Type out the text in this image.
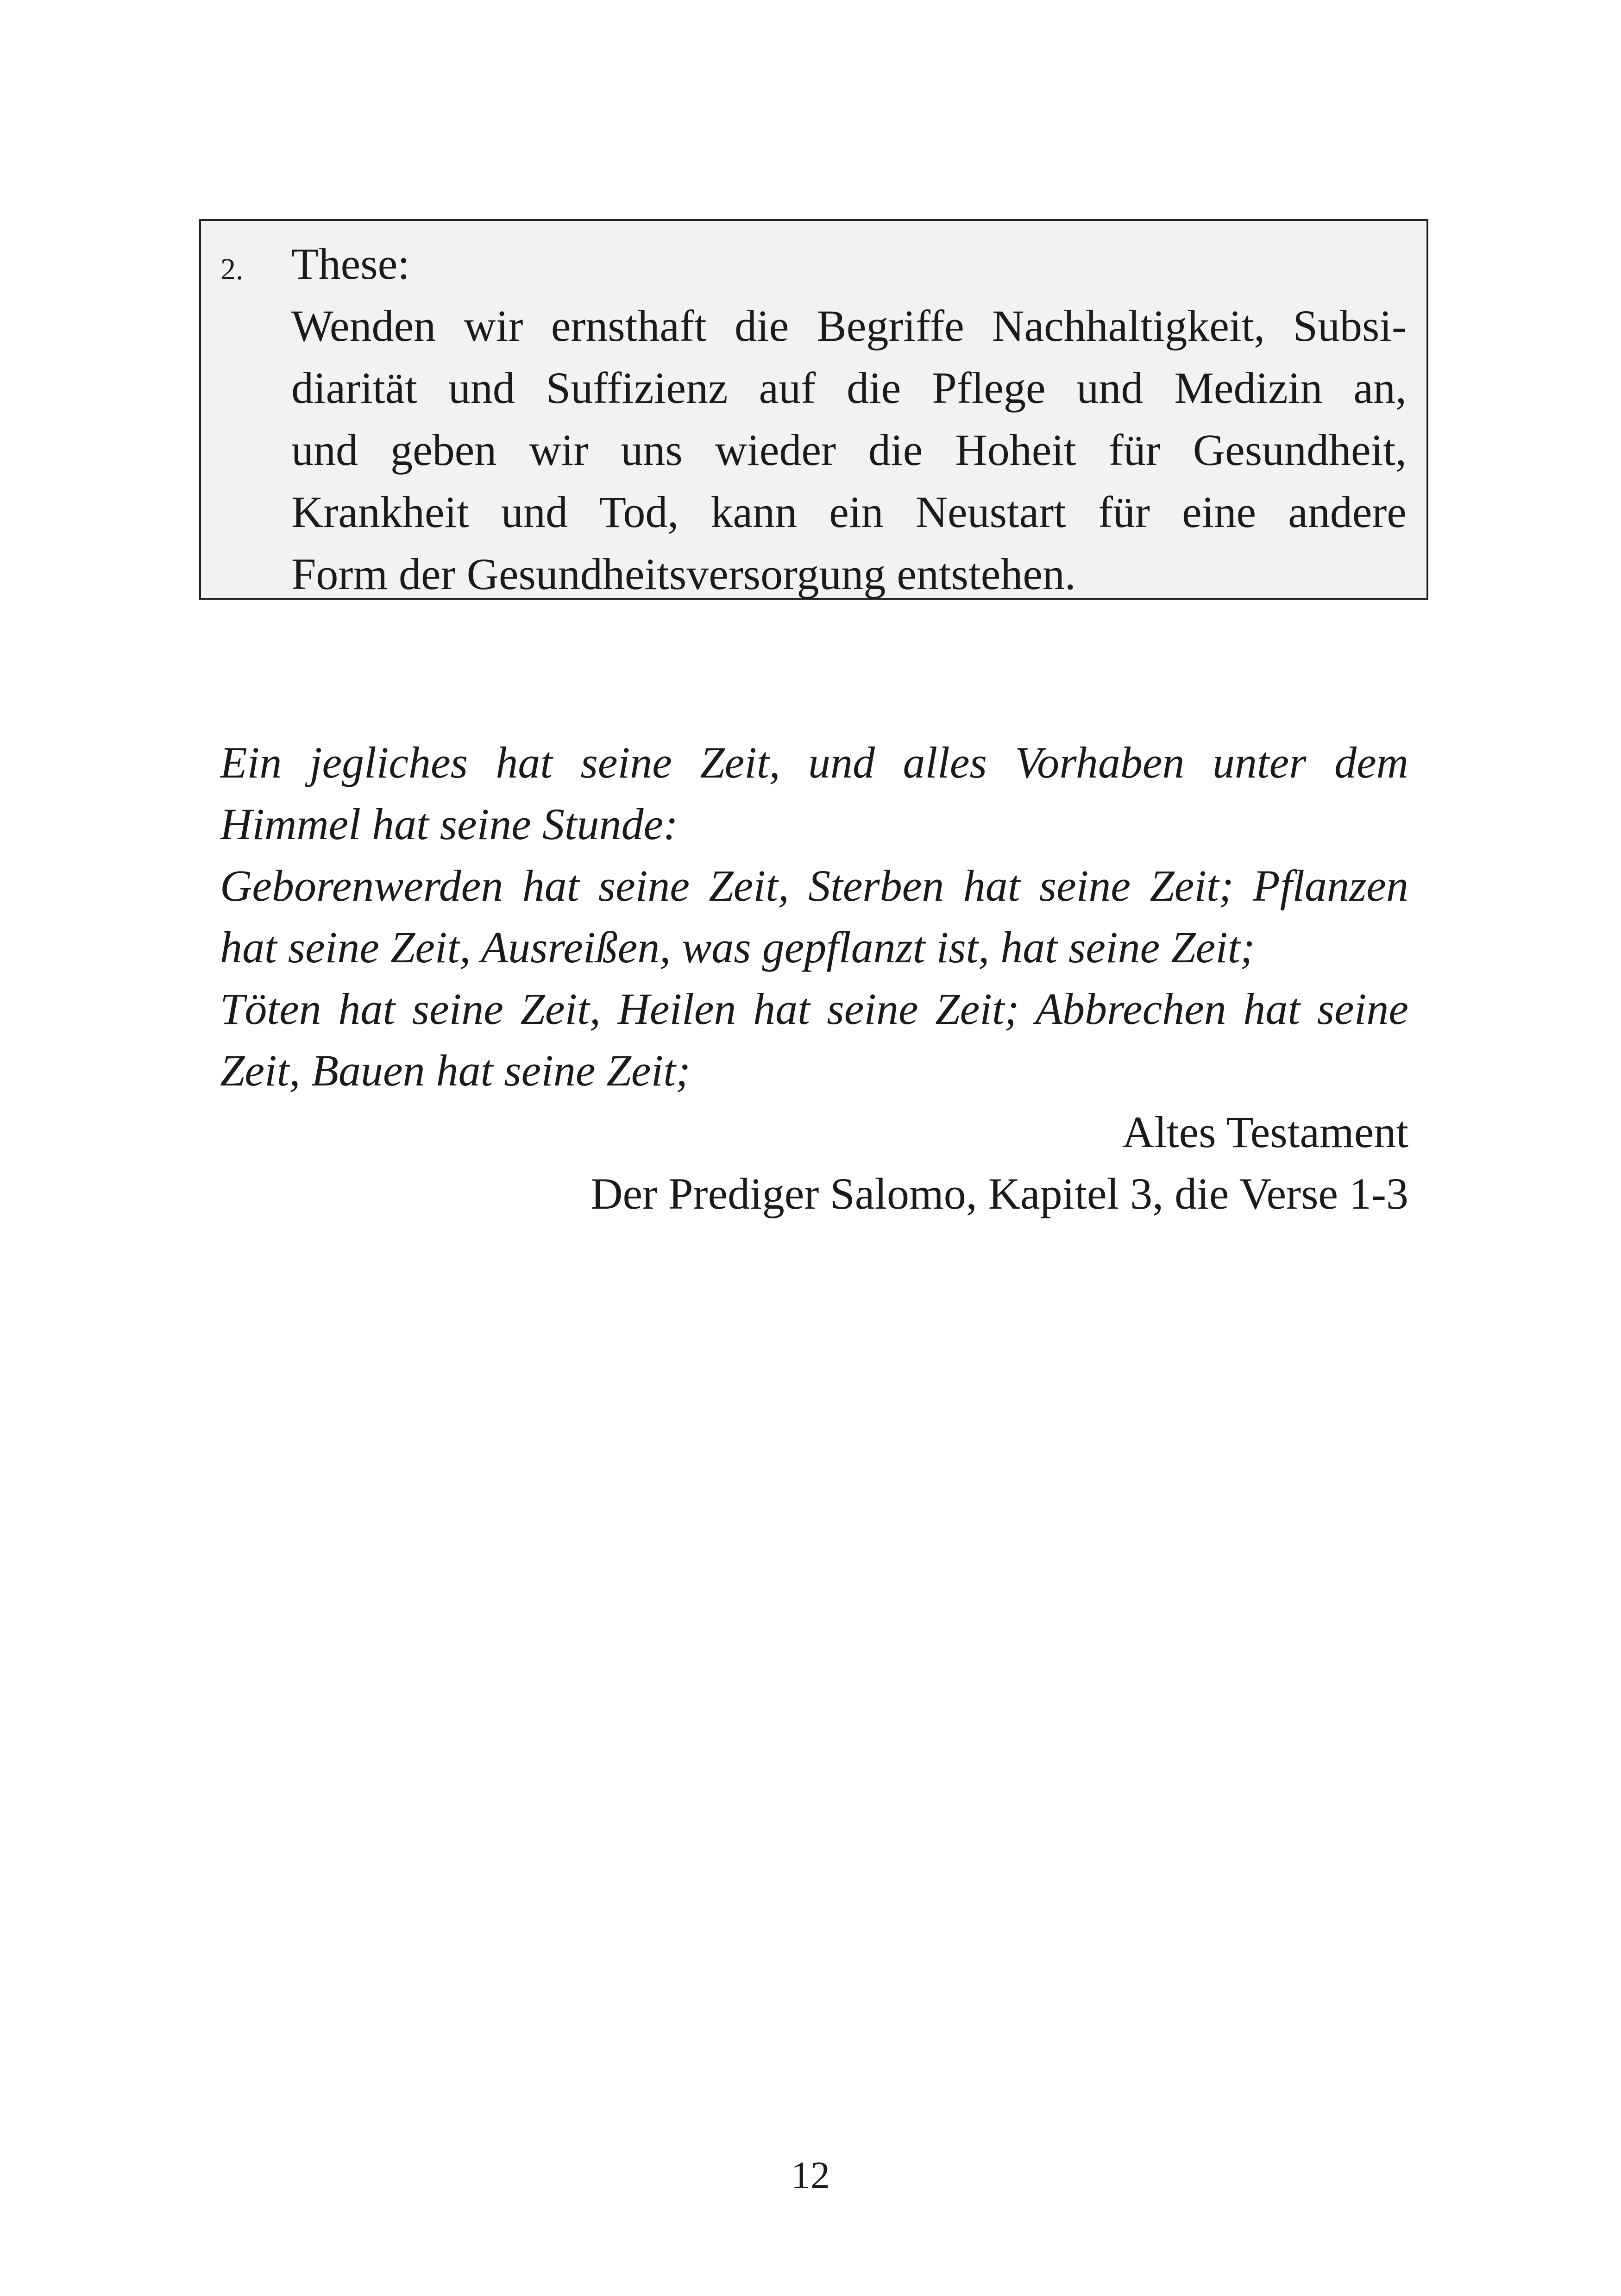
2. These:
Wenden wir ernsthaft die Begriffe Nachhaltigkeit, Subsi-
diarität und Suffizienz auf die Pflege und Medizin an,
und geben wir uns wieder die Hoheit für Gesundheit,
Krankheit und Tod, kann ein Neustart für eine andere
Form der Gesundheitsversorgung entstehen.
Ein jegliches hat seine Zeit, und alles Vorhaben unter dem
Himmel hat seine Stunde:
Geborenwerden hat seine Zeit, Sterben hat seine Zeit; Pflanzen
hat seine Zeit, Ausreißen, was gepflanzt ist, hat seine Zeit;
Töten hat seine Zeit, Heilen hat seine Zeit; Abbrechen hat seine
Zeit, Bauen hat seine Zeit;
Altes Testament
Der Prediger Salomo, Kapitel 3, die Verse 1-3
12
